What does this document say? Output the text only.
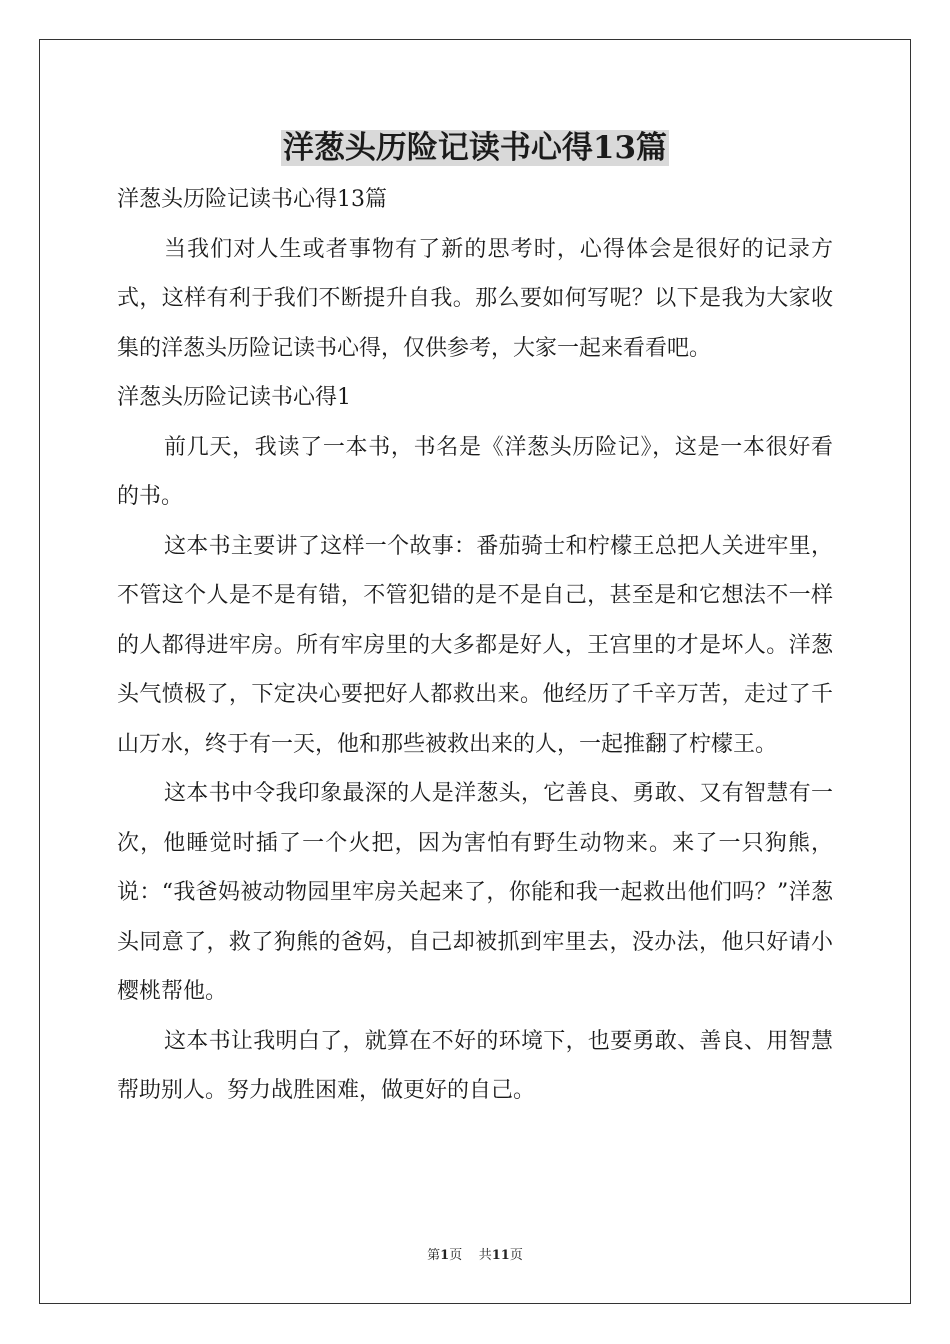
洋葱头历险记读书心得13篇

洋葱头历险记读书心得13篇

当我们对人生或者事物有了新的思考时，心得体会是很好的记录方式，这样有利于我们不断提升自我。那么要如何写呢？以下是我为大家收集的洋葱头历险记读书心得，仅供参考，大家一起来看看吧。

洋葱头历险记读书心得1

前几天，我读了一本书，书名是《洋葱头历险记》，这是一本很好看的书。

这本书主要讲了这样一个故事：番茄骑士和柠檬王总把人关进牢里，不管这个人是不是有错，不管犯错的是不是自己，甚至是和它想法不一样的人都得进牢房。所有牢房里的大多都是好人，王宫里的才是坏人。洋葱头气愤极了，下定决心要把好人都救出来。他经历了千辛万苦，走过了千山万水，终于有一天，他和那些被救出来的人，一起推翻了柠檬王。

这本书中令我印象最深的人是洋葱头，它善良、勇敢、又有智慧有一次，他睡觉时插了一个火把，因为害怕有野生动物来。来了一只狗熊，说：“我爸妈被动物园里牢房关起来了，你能和我一起救出他们吗？”洋葱头同意了，救了狗熊的爸妈，自己却被抓到牢里去，没办法，他只好请小樱桃帮他。

这本书让我明白了，就算在不好的环境下，也要勇敢、善良、用智慧帮助别人。努力战胜困难，做更好的自己。

第1页 共11页
